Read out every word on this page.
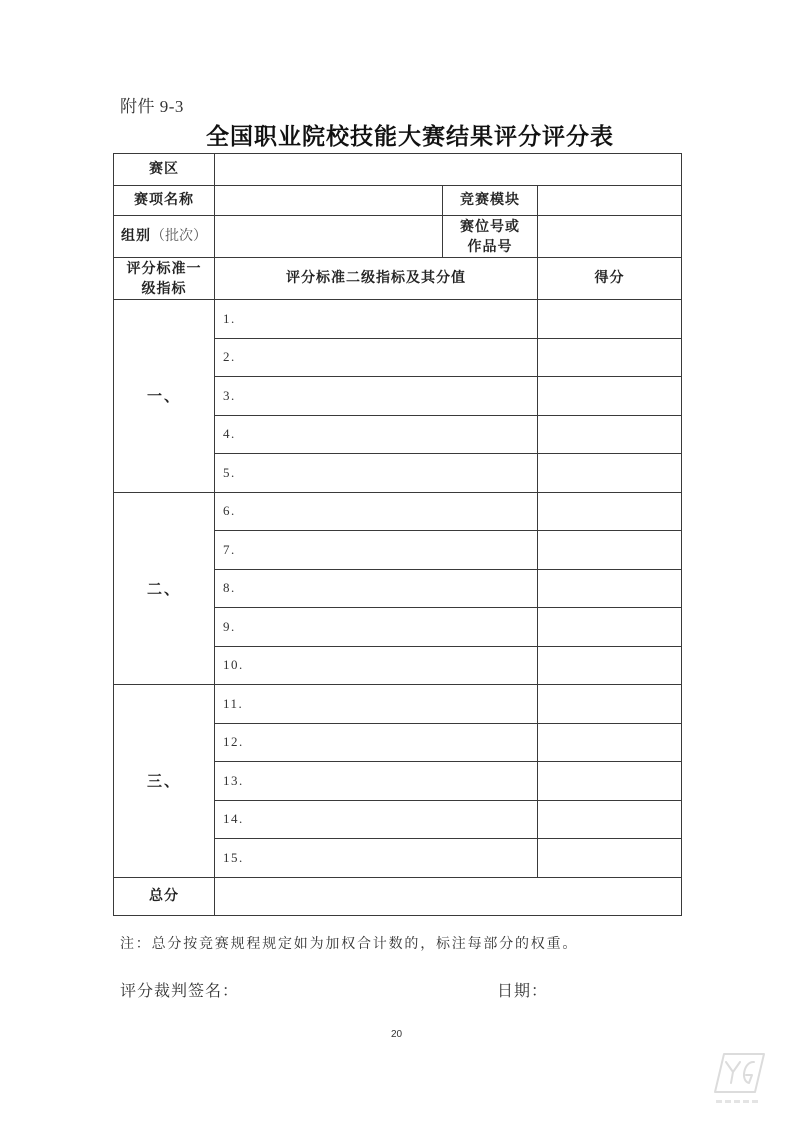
附件 9-3
全国职业院校技能大赛结果评分评分表
赛区			
赛项名称		竞赛模块	
组别（批次）		赛位号或
作品号	

评分标准一
级指标	评分标准二级指标及其分值		得分
一、	1.		
	2.		
	3.		
	4.		
	5.		
二、	6.		
	7.		
	8.		
	9.		
	10.		
三、	11.		
	12.		
	13.		
	14.		
	15.		
总分			
注：总分按竞赛规程规定如为加权合计数的，标注每部分的权重。
评分裁判签名：	日期：
20
